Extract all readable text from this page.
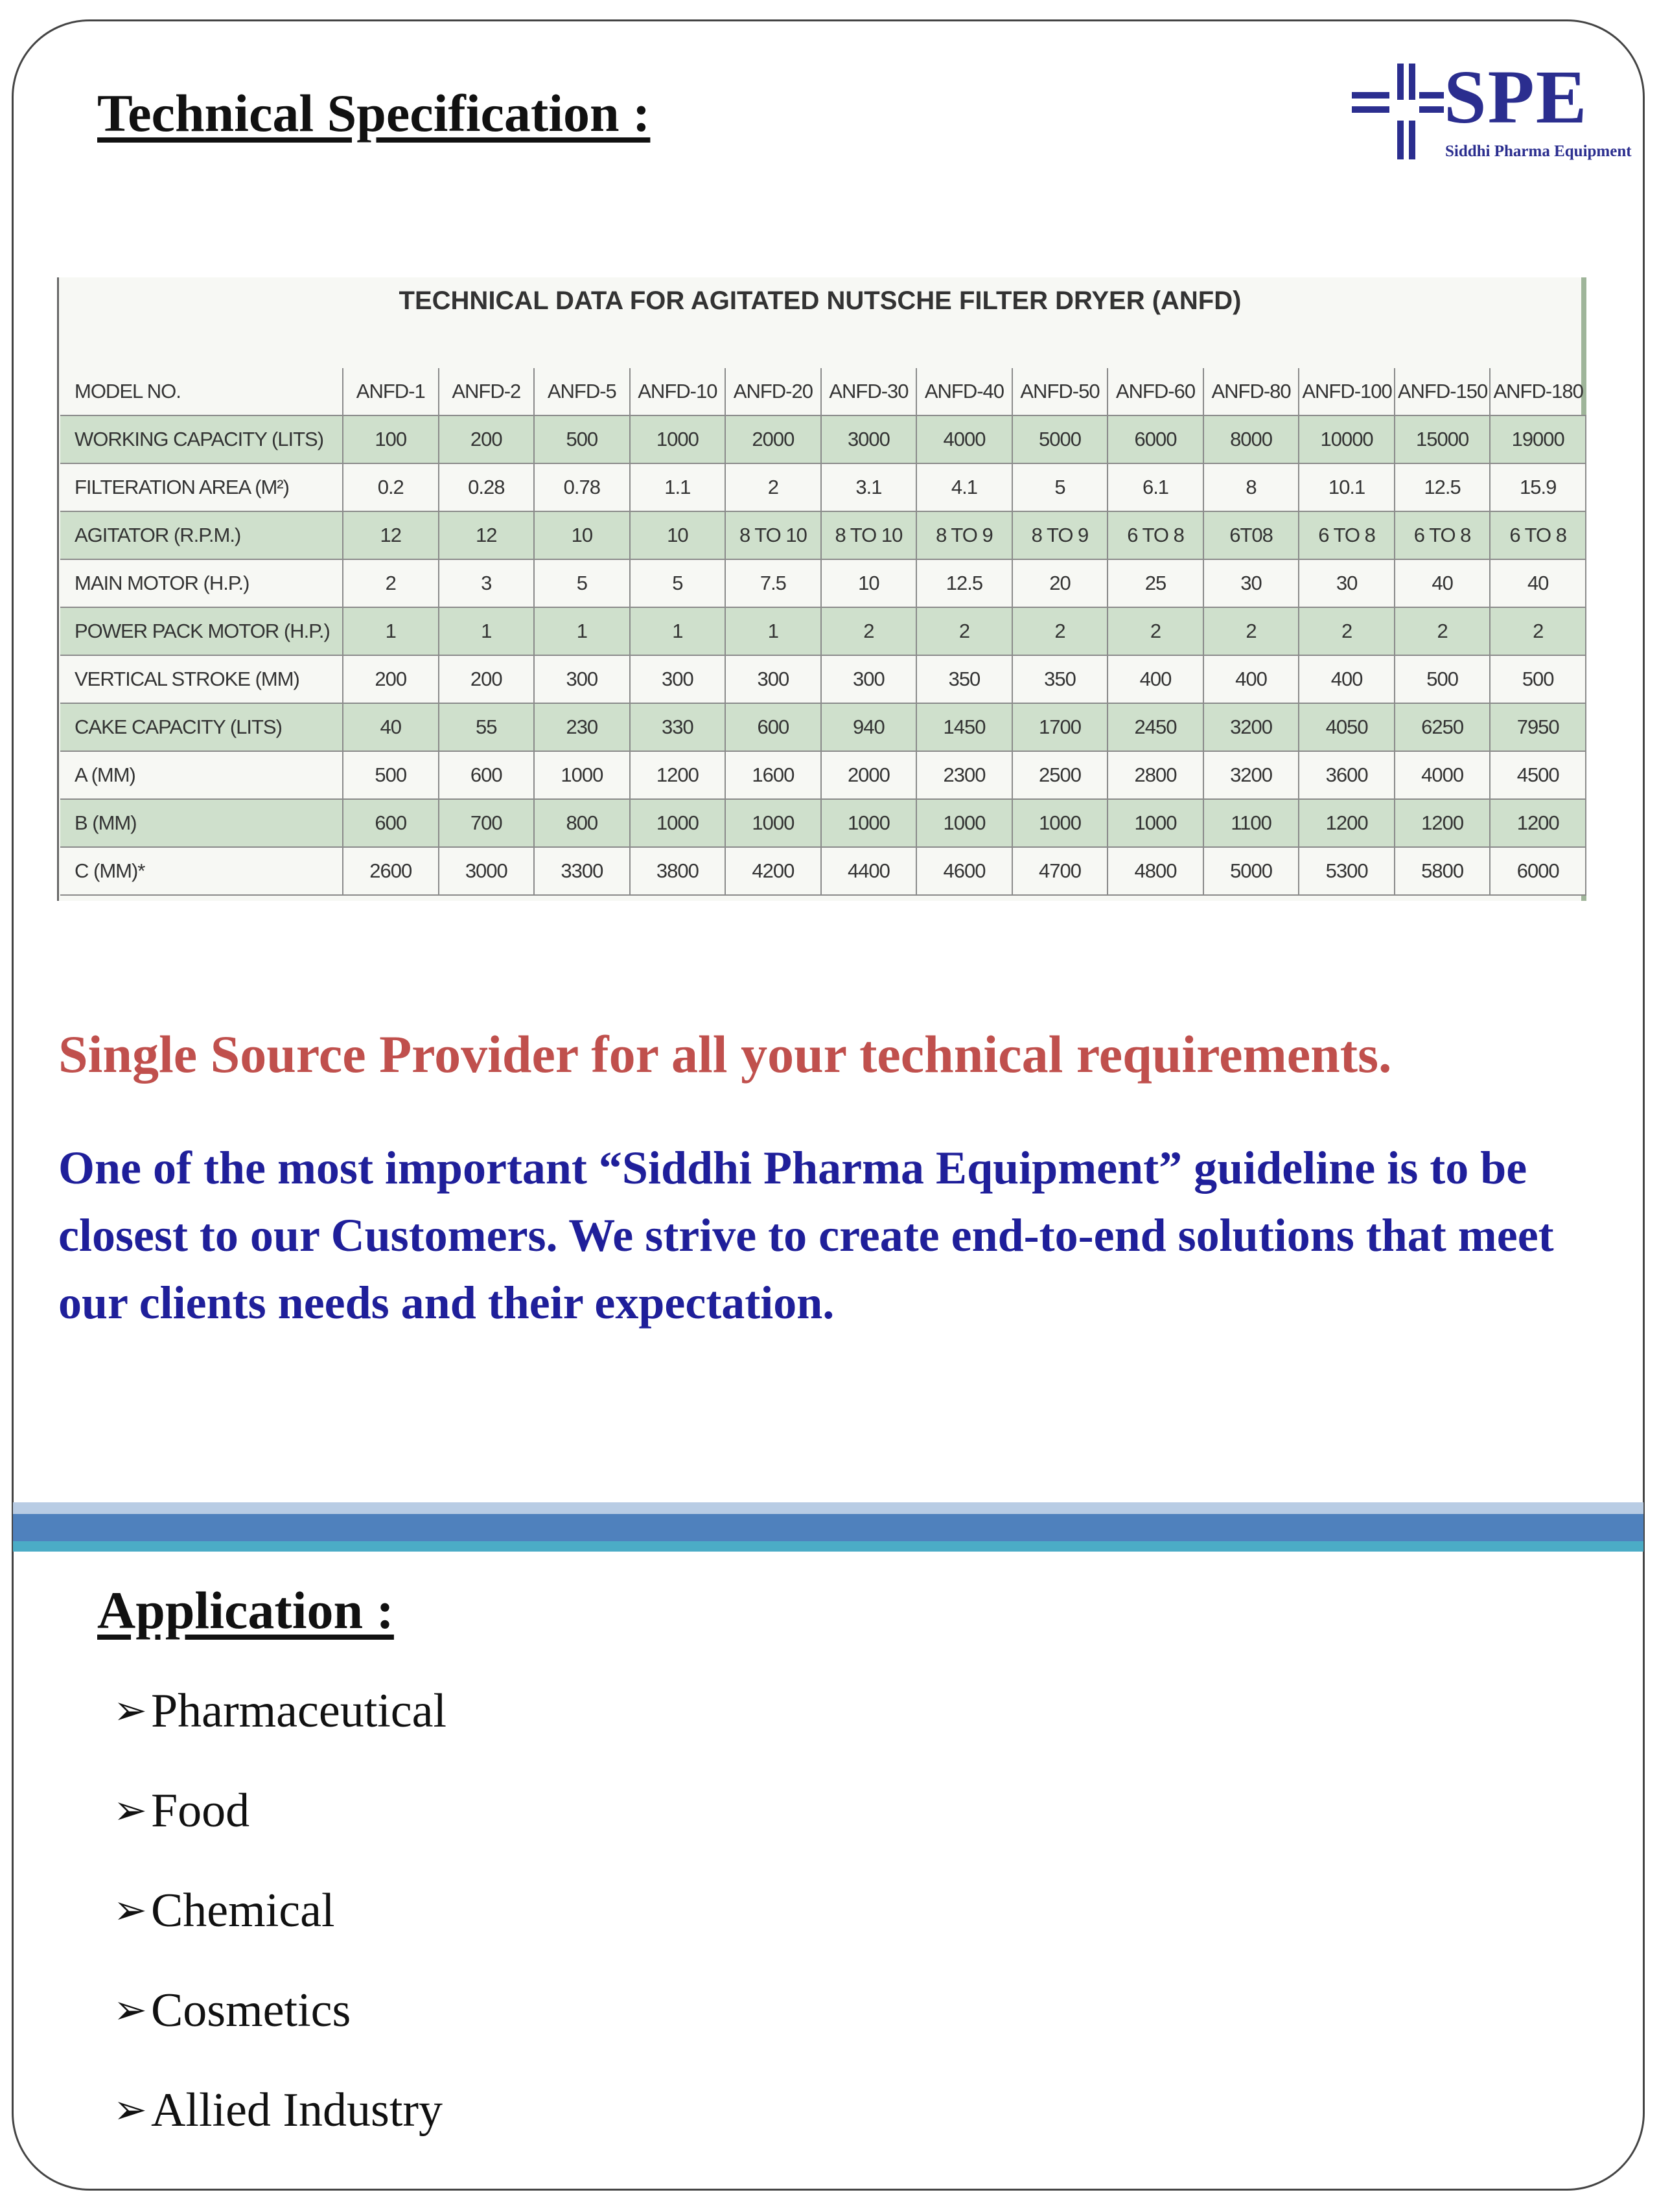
Technical Specification :	SPE
Siddhi Pharma Equipment

TECHNICAL DATA FOR AGITATED NUTSCHE FILTER DRYER (ANFD)

MODEL NO.	ANFD-1	ANFD-2	ANFD-5	ANFD-10	ANFD-20	ANFD-30	ANFD-40	ANFD-50	ANFD-60	ANFD-80	ANFD-100	ANFD-150	ANFD-180
WORKING CAPACITY (LITS)	100	200	500	1000	2000	3000	4000	5000	6000	8000	10000	15000	19000
FILTERATION AREA (M²)	0.2	0.28	0.78	1.1	2	3.1	4.1	5	6.1	8	10.1	12.5	15.9
AGITATOR (R.P.M.)	12	12	10	10	8 TO 10	8 TO 10	8 TO 9	8 TO 9	6 TO 8	6T08	6 TO 8	6 TO 8	6 TO 8
MAIN MOTOR (H.P.)	2	3	5	5	7.5	10	12.5	20	25	30	30	40	40
POWER PACK MOTOR (H.P.)	1	1	1	1	1	2	2	2	2	2	2	2	2
VERTICAL STROKE (MM)	200	200	300	300	300	300	350	350	400	400	400	500	500
CAKE CAPACITY (LITS)	40	55	230	330	600	940	1450	1700	2450	3200	4050	6250	7950
A (MM)	500	600	1000	1200	1600	2000	2300	2500	2800	3200	3600	4000	4500
B (MM)	600	700	800	1000	1000	1000	1000	1000	1000	1100	1200	1200	1200
C (MM)*	2600	3000	3300	3800	4200	4400	4600	4700	4800	5000	5300	5800	6000

Single Source Provider for all your technical requirements.

One of the most important “Siddhi Pharma Equipment” guideline is to be closest to our Customers. We strive to create end-to-end solutions that meet our clients needs and their expectation.

Application :
➢Pharmaceutical
➢Food
➢Chemical
➢Cosmetics
➢Allied Industry
